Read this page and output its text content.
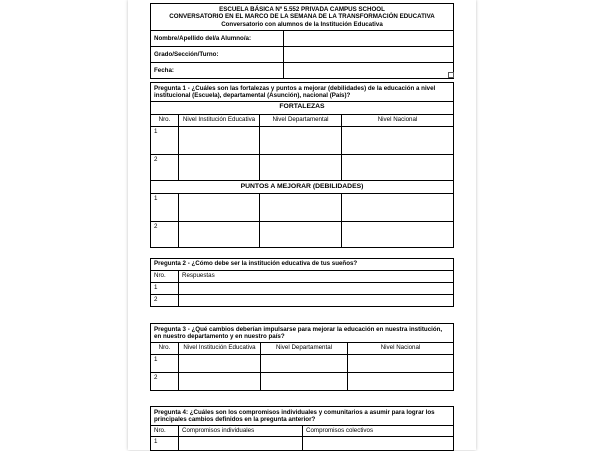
ESCUELA BÁSICA Nº 5.552 PRIVADA CAMPUS SCHOOL
CONVERSATORIO EN EL MARCO DE LA SEMANA DE LA TRANSFORMACIÓN EDUCATIVA
Conversatorio con alumnos de la Institución Educativa	

Nombre/Apellido del/a Alumno/a:	
Grado/Sección/Turno:	
Fecha:	
Pregunta 1 - ¿Cuáles son las fortalezas y puntos a mejorar (debilidades) de la educación a nivel institucional (Escuela), departamental (Asunción), nacional (País)?			
FORTALEZAS			
Nro.	Nivel Institución Educativa	Nivel Departamental	Nivel Nacional
1			
2			
PUNTOS A MEJORAR (DEBILIDADES)			
1			
2			
Pregunta 2 - ¿Cómo debe ser la institución educativa de tus sueños?	
Nro.	Respuestas
1	
2	
Pregunta 3 - ¿Qué cambios deberían impulsarse para mejorar la educación en nuestra institución, en nuestro departamento y en nuestro país?			
Nro.	Nivel Institución Educativa	Nivel Departamental	Nivel Nacional
1			
2			
Pregunta 4: ¿Cuáles son los compromisos individuales y comunitarios a asumir para lograr los principales cambios definidos en la pregunta anterior?		
Nro.	Compromisos individuales	Compromisos colectivos
1		
